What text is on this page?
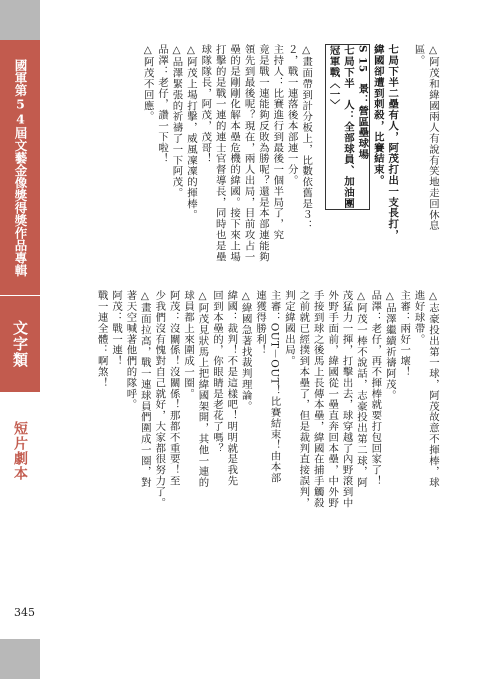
國軍第54屆文藝金像獎得獎作品專輯
文字類
短片劇本
345

△阿茂和緯國兩人有說有笑地走回休息

區。

七局下半二壘有人，阿茂打出一支長打，

緯國卻遭到刺殺，比賽結束。

S 15　景：營區壘球場

七局下半　人：全部球員、加油團

冠軍戰〈一〉

△畫面帶到計分板上，比數依舊是３：

２，戰一連落後本部連一分。

主持人：比賽進行到最後一個半局了，究

竟是戰一連能夠反敗為勝呢？還是本部連能夠

領先到最後呢？現在，兩人出局，目前攻占一

壘的是剛剛化解本壘危機的緯國。接下來上場

打擊的是戰一連的連士官督導長，同時也是壘

球隊隊長，阿茂，茂哥！

△阿茂上場打擊，威風凜凜的揮棒。

△品澤緊張的祈禱了一下阿茂。

品澤：老仔，讚一下啦！

△阿茂不回應。

△志豪投出第一球，阿茂故意不揮棒，球

進好球帶。

主審：兩好一壞！

△品澤繼續祈禱阿茂。

品澤：老仔，再不揮棒就要打包回家了！

△阿茂一棒不說話，志豪投出第二球，阿

茂猛力一揮，打擊出去，球穿越了內野滾到中

外野手面前，緯國從一壘直奔回本壘，中外野

手接到球之後馬上長傳本壘，緯國在捕手觸殺

之前就已經撲到本壘了，但是裁判直接誤判，

判定緯國出局。

主審：OUT－OUT！比賽結束！由本部

連獲得勝利！

△緯國急著找裁判理論。

緯國：裁判！不是這樣吧！明明就是我先

回到本壘的，你眼睛是老花了嗎？

△阿茂見狀馬上把緯國架開，其他一連的

球員都上來圍成一圈。

阿茂：沒關係！沒關係！那都不重要！至

少我們沒有愧對自己就好，大家都很努力了。

△畫面拉高，戰一連球員們圍成一圈，對

著天空喊著他們的隊呼。

阿茂：戰一連！

戰一連全體：啊煞！
